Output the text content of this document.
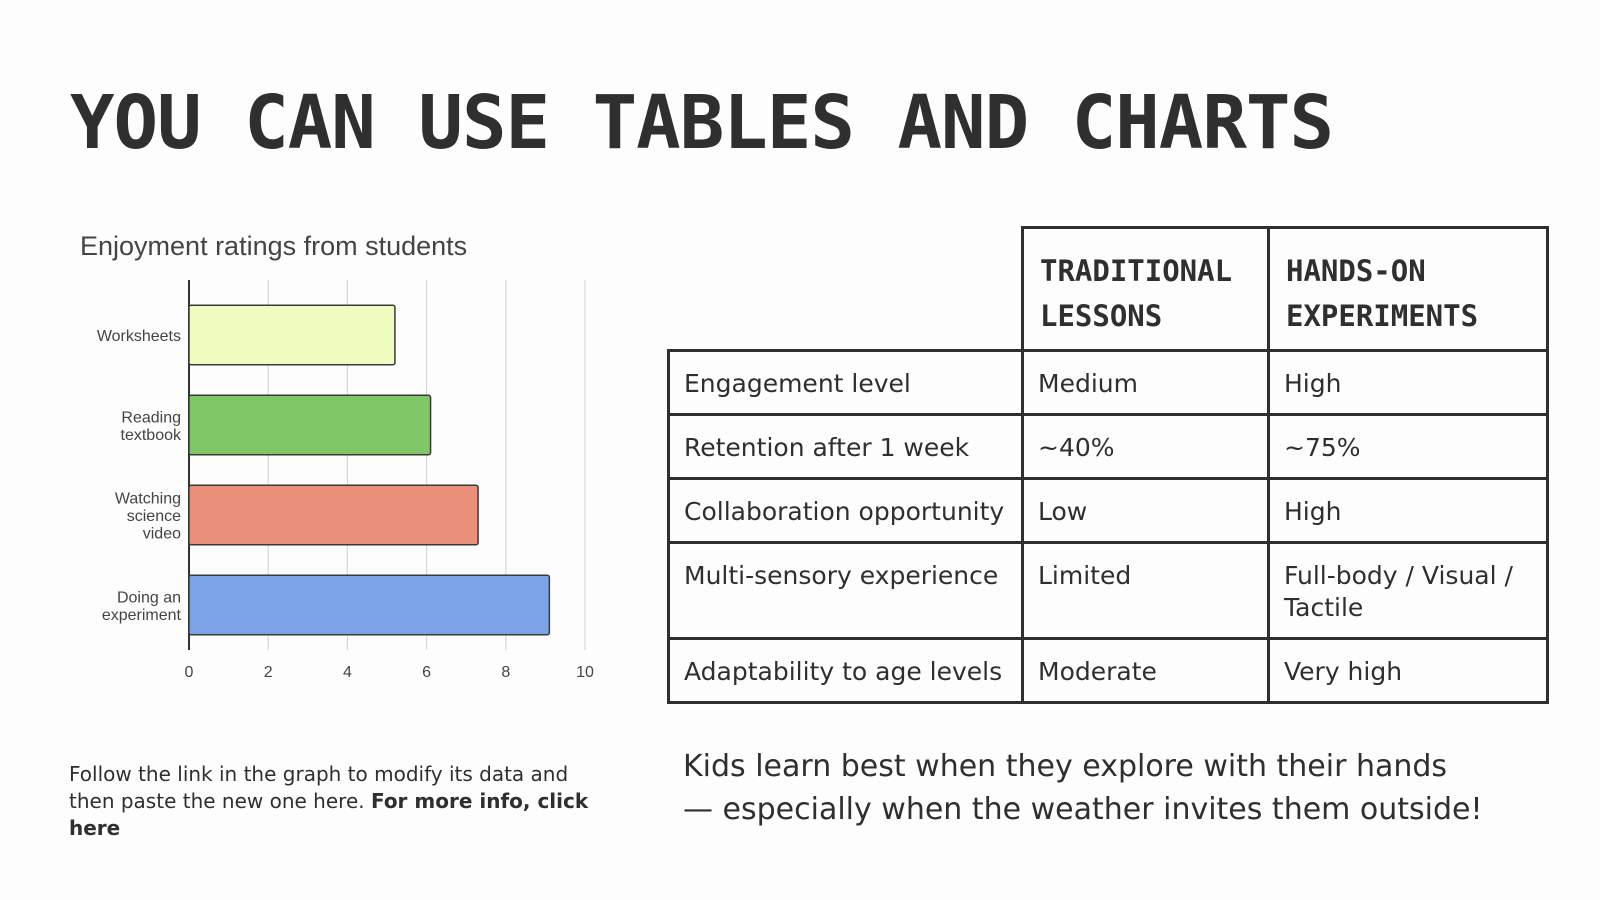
YOU CAN USE TABLES AND CHARTS
Enjoyment ratings from students
Worksheets
Reading textbook
Watching science video
Doing an experiment
0	2	4	6	8	10

Follow the link in the graph to modify its data and then paste the new one here. For more info, click here

	TRADITIONAL LESSONS	HANDS-ON EXPERIMENTS
Engagement level	Medium	High
Retention after 1 week	~40%	~75%
Collaboration opportunity	Low	High
Multi-sensory experience	Limited	Full-body / Visual / Tactile
Adaptability to age levels	Moderate	Very high

Kids learn best when they explore with their hands — especially when the weather invites them outside!
